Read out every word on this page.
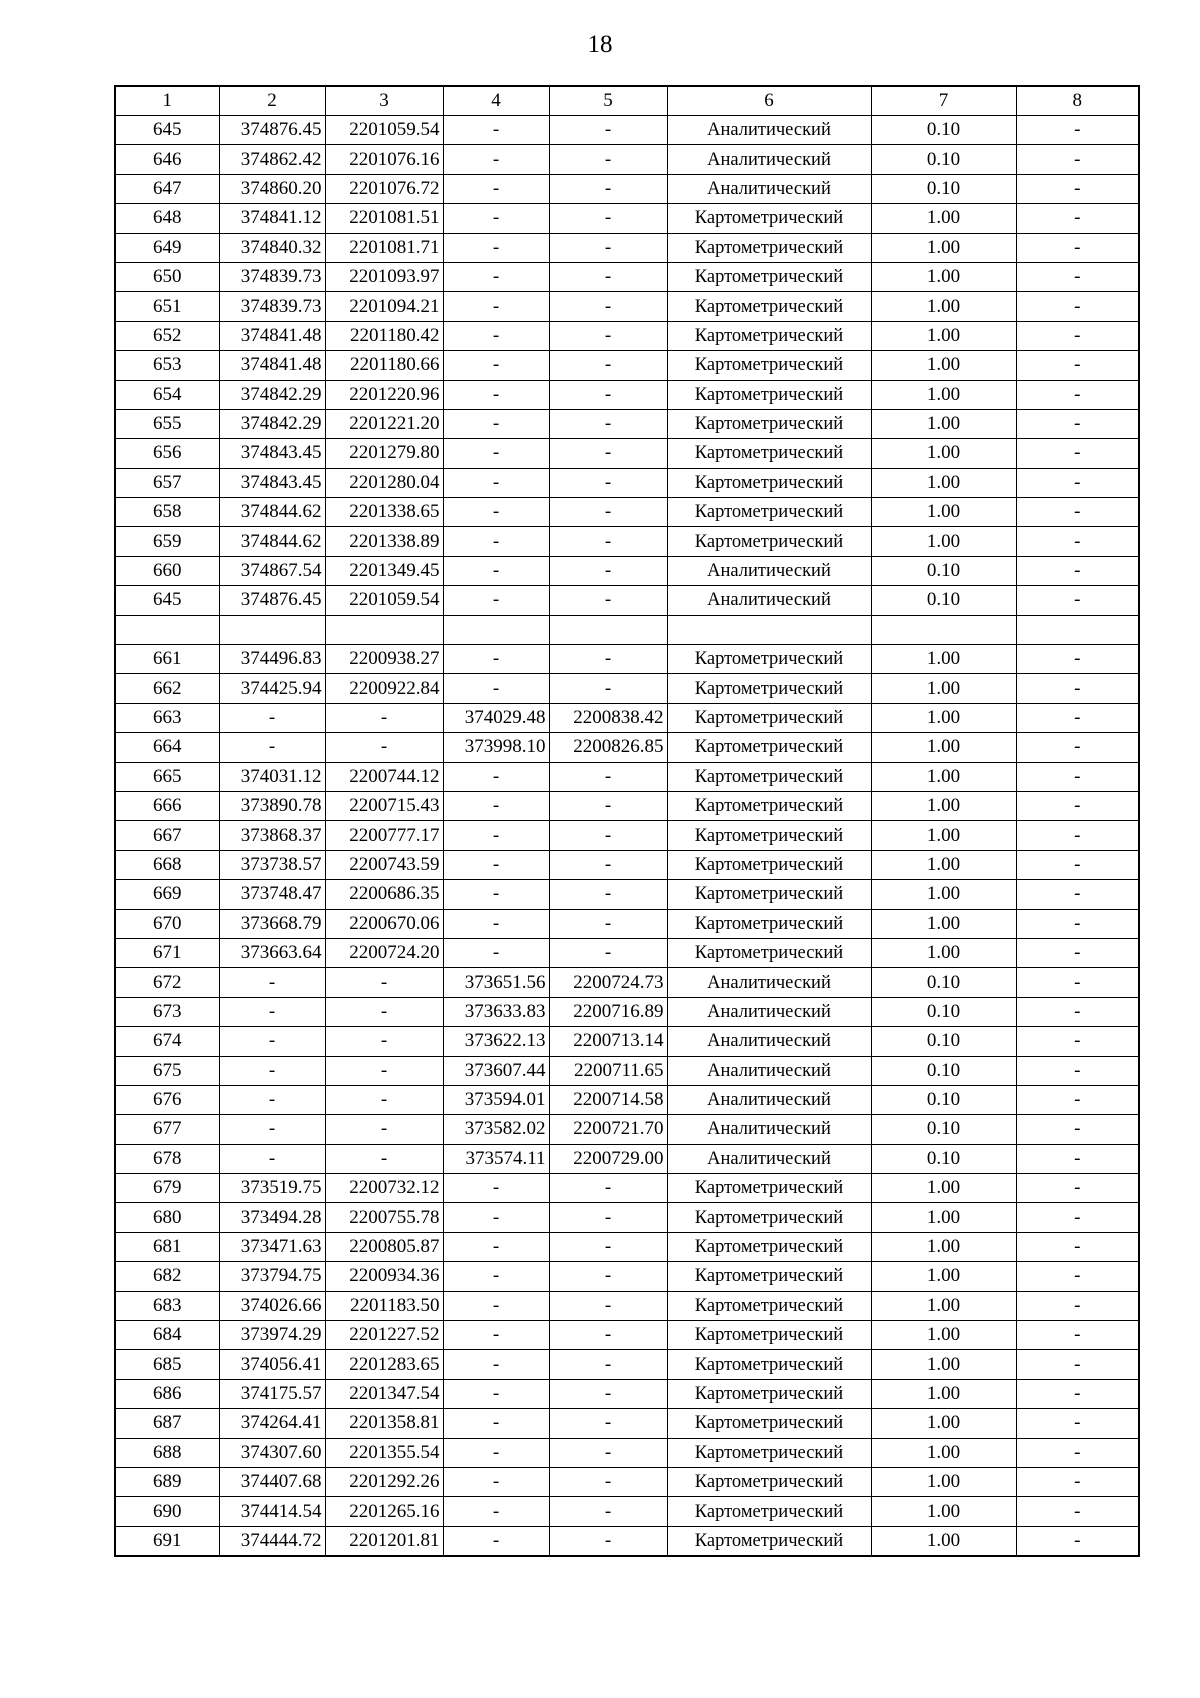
18
1	2	3	4	5	6	7	8
645	374876.45	2201059.54	-	-	Аналитический	0.10	-
646	374862.42	2201076.16	-	-	Аналитический	0.10	-
647	374860.20	2201076.72	-	-	Аналитический	0.10	-
648	374841.12	2201081.51	-	-	Картометрический	1.00	-
649	374840.32	2201081.71	-	-	Картометрический	1.00	-
650	374839.73	2201093.97	-	-	Картометрический	1.00	-
651	374839.73	2201094.21	-	-	Картометрический	1.00	-
652	374841.48	2201180.42	-	-	Картометрический	1.00	-
653	374841.48	2201180.66	-	-	Картометрический	1.00	-
654	374842.29	2201220.96	-	-	Картометрический	1.00	-
655	374842.29	2201221.20	-	-	Картометрический	1.00	-
656	374843.45	2201279.80	-	-	Картометрический	1.00	-
657	374843.45	2201280.04	-	-	Картометрический	1.00	-
658	374844.62	2201338.65	-	-	Картометрический	1.00	-
659	374844.62	2201338.89	-	-	Картометрический	1.00	-
660	374867.54	2201349.45	-	-	Аналитический	0.10	-
645	374876.45	2201059.54	-	-	Аналитический	0.10	-

661	374496.83	2200938.27	-	-	Картометрический	1.00	-
662	374425.94	2200922.84	-	-	Картометрический	1.00	-
663	-	-	374029.48	2200838.42	Картометрический	1.00	-
664	-	-	373998.10	2200826.85	Картометрический	1.00	-
665	374031.12	2200744.12	-	-	Картометрический	1.00	-
666	373890.78	2200715.43	-	-	Картометрический	1.00	-
667	373868.37	2200777.17	-	-	Картометрический	1.00	-
668	373738.57	2200743.59	-	-	Картометрический	1.00	-
669	373748.47	2200686.35	-	-	Картометрический	1.00	-
670	373668.79	2200670.06	-	-	Картометрический	1.00	-
671	373663.64	2200724.20	-	-	Картометрический	1.00	-
672	-	-	373651.56	2200724.73	Аналитический	0.10	-
673	-	-	373633.83	2200716.89	Аналитический	0.10	-
674	-	-	373622.13	2200713.14	Аналитический	0.10	-
675	-	-	373607.44	2200711.65	Аналитический	0.10	-
676	-	-	373594.01	2200714.58	Аналитический	0.10	-
677	-	-	373582.02	2200721.70	Аналитический	0.10	-
678	-	-	373574.11	2200729.00	Аналитический	0.10	-
679	373519.75	2200732.12	-	-	Картометрический	1.00	-
680	373494.28	2200755.78	-	-	Картометрический	1.00	-
681	373471.63	2200805.87	-	-	Картометрический	1.00	-
682	373794.75	2200934.36	-	-	Картометрический	1.00	-
683	374026.66	2201183.50	-	-	Картометрический	1.00	-
684	373974.29	2201227.52	-	-	Картометрический	1.00	-
685	374056.41	2201283.65	-	-	Картометрический	1.00	-
686	374175.57	2201347.54	-	-	Картометрический	1.00	-
687	374264.41	2201358.81	-	-	Картометрический	1.00	-
688	374307.60	2201355.54	-	-	Картометрический	1.00	-
689	374407.68	2201292.26	-	-	Картометрический	1.00	-
690	374414.54	2201265.16	-	-	Картометрический	1.00	-
691	374444.72	2201201.81	-	-	Картометрический	1.00	-
